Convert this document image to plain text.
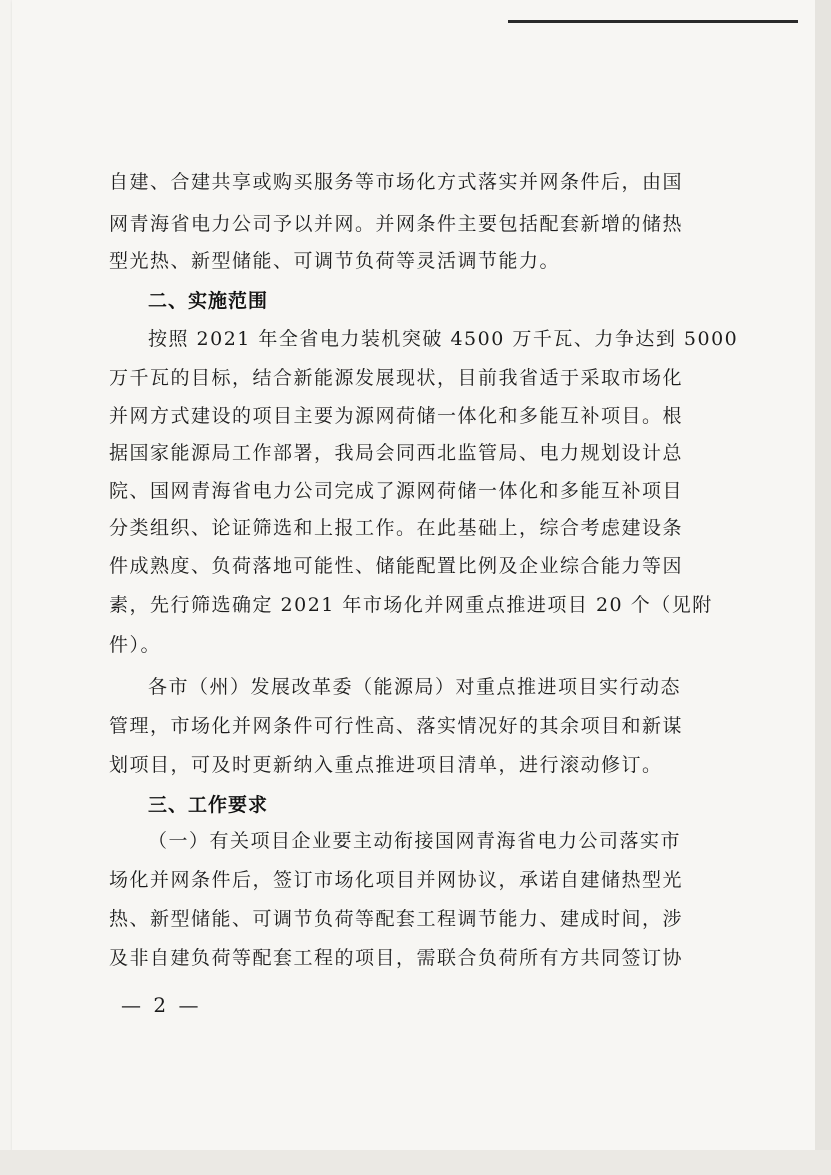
自建、合建共享或购买服务等市场化方式落实并网条件后，由国
网青海省电力公司予以并网。并网条件主要包括配套新增的储热
型光热、新型储能、可调节负荷等灵活调节能力。
二、实施范围
按照 2021 年全省电力装机突破 4500 万千瓦、力争达到 5000
万千瓦的目标，结合新能源发展现状，目前我省适于采取市场化
并网方式建设的项目主要为源网荷储一体化和多能互补项目。根
据国家能源局工作部署，我局会同西北监管局、电力规划设计总
院、国网青海省电力公司完成了源网荷储一体化和多能互补项目
分类组织、论证筛选和上报工作。在此基础上，综合考虑建设条
件成熟度、负荷落地可能性、储能配置比例及企业综合能力等因
素，先行筛选确定 2021 年市场化并网重点推进项目 20 个（见附
件）。
各市（州）发展改革委（能源局）对重点推进项目实行动态
管理，市场化并网条件可行性高、落实情况好的其余项目和新谋
划项目，可及时更新纳入重点推进项目清单，进行滚动修订。
三、工作要求
（一）有关项目企业要主动衔接国网青海省电力公司落实市
场化并网条件后，签订市场化项目并网协议，承诺自建储热型光
热、新型储能、可调节负荷等配套工程调节能力、建成时间，涉
及非自建负荷等配套工程的项目，需联合负荷所有方共同签订协
— 2 —
